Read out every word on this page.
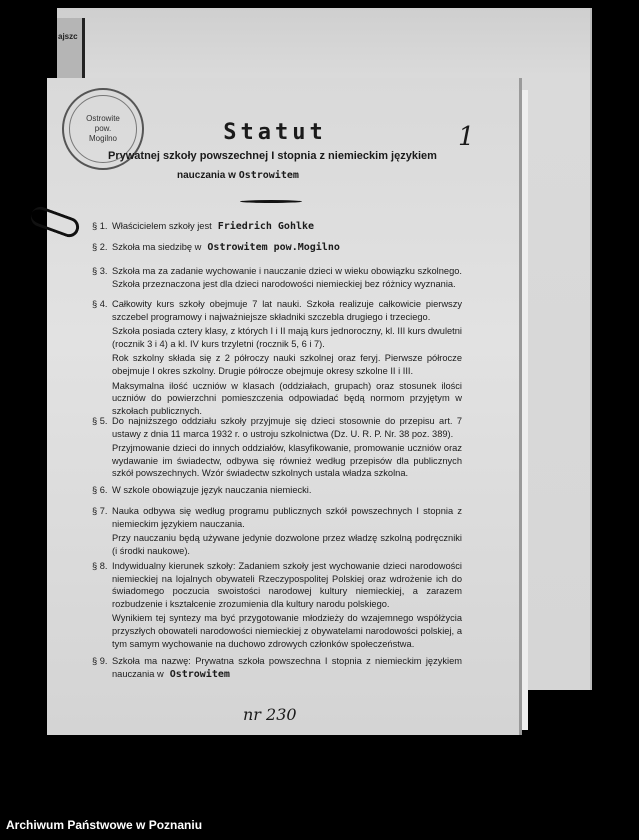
ajszc
Ostrowite
pow.
Mogilno	Statut	1
Prywatnej szkoły powszechnej I stopnia z niemieckim językiem
nauczania w Ostrowitem
§ 1. Właścicielem szkoły jest Friedrich Gohlke
§ 2. Szkoła ma siedzibę w Ostrowitem pow.Mogilno
§ 3. Szkoła ma za zadanie wychowanie i nauczanie dzieci w wieku obowiązku szkolnego. Szkoła przeznaczona jest dla dzieci narodowości niemieckiej bez różnicy wyznania.

§ 4. Całkowity kurs szkoły obejmuje 7 lat nauki. Szkoła realizuje całkowicie pierwszy szczebel programowy i najważniejsze składniki szczebla drugiego i trzeciego.

Szkoła posiada cztery klasy, z których I i II mają kurs jednoroczny, kl. III kurs dwuletni (rocznik 3 i 4) a kl. IV kurs trzyletni (rocznik 5, 6 i 7).

Rok szkolny składa się z 2 półroczy nauki szkolnej oraz feryj. Pierwsze półrocze obejmuje I okres szkolny. Drugie półrocze obejmuje okresy szkolne II i III.

Maksymalna ilość uczniów w klasach (oddziałach, grupach) oraz stosunek ilości uczniów do powierzchni pomieszczenia odpowiadać będą normom przyjętym w szkołach publicznych.

§ 5. Do najniższego oddziału szkoły przyjmuje się dzieci stosownie do przepisu art. 7 ustawy z dnia 11 marca 1932 r. o ustroju szkolnictwa (Dz. U. R. P. Nr. 38 poz. 389).

Przyjmowanie dzieci do innych oddziałów, klasyfikowanie, promowanie uczniów oraz wydawanie im świadectw, odbywa się również według przepisów dla publicznych szkół powszechnych. Wzór świadectw szkolnych ustala władza szkolna.

§ 6. W szkole obowiązuje język nauczania niemiecki.

§ 7. Nauka odbywa się według programu publicznych szkół powszechnych I stopnia z niemieckim językiem nauczania.

Przy nauczaniu będą używane jedynie dozwolone przez władzę szkolną podręczniki (i środki naukowe).

§ 8. Indywidualny kierunek szkoły: Zadaniem szkoły jest wychowanie dzieci narodowości niemieckiej na lojalnych obywateli Rzeczypospolitej Polskiej oraz wdrożenie ich do świadomego poczucia swoistości narodowej kultury niemieckiej, a zarazem rozbudzenie i kształcenie zrozumienia dla kultury narodu polskiego.

Wynikiem tej syntezy ma być przygotowanie młodzieży do wzajemnego współżycia przyszłych obowateli narodowości niemieckiej z obywatelami narodowości polskiej, a tym samym wychowanie na duchowo zdrowych członków społeczeństwa.

§ 9. Szkoła ma nazwę: Prywatna szkoła powszechna I stopnia z niemieckim językiem nauczania w Ostrowitem

nr 230
Archiwum Państwowe w Poznaniu
